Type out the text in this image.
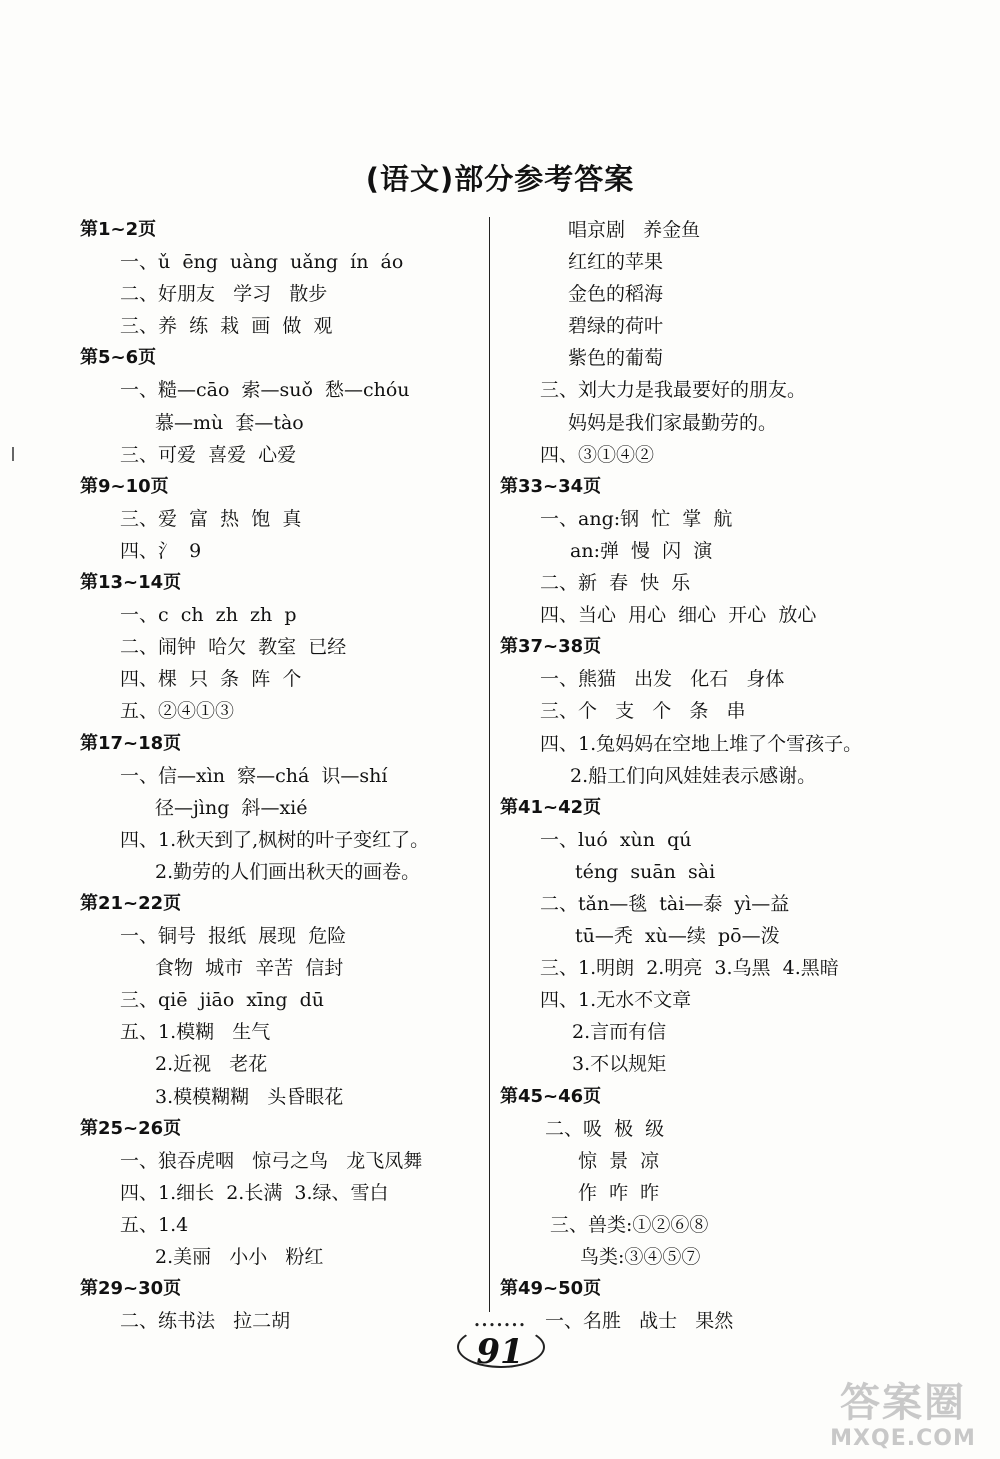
(语文)部分参考答案
第1~2页
一、ǔ  ēng  uàng  uǎng  ín  áo
二、好朋友   学习   散步
三、养  练  栽  画  做  观
第5~6页
一、糙—cāo  索—suǒ  愁—chóu
慕—mù  套—tào
三、可爱  喜爱  心爱
第9~10页
三、爱  富  热  饱  真
四、氵  9
第13~14页
一、c  ch  zh  zh  p
二、闹钟  哈欠  教室  已经
四、棵  只  条  阵  个
五、②④①③
第17~18页
一、信—xìn  察—chá  识—shí
径—jìng  斜—xié
四、1.秋天到了,枫树的叶子变红了。
2.勤劳的人们画出秋天的画卷。
第21~22页
一、铜号  报纸  展现  危险
食物  城市  辛苦  信封
三、qiē  jiāo  xīng  dū
五、1.模糊   生气
2.近视   老花
3.模模糊糊   头昏眼花
第25~26页
一、狼吞虎咽   惊弓之鸟   龙飞凤舞
四、1.细长  2.长满  3.绿、雪白
五、1.4
2.美丽   小小   粉红
第29~30页
二、练书法   拉二胡
唱京剧   养金鱼
红红的苹果
金色的稻海
碧绿的荷叶
紫色的葡萄
三、刘大力是我最要好的朋友。
妈妈是我们家最勤劳的。
四、③①④②
第33~34页
一、ang:钢  忙  掌  航
an:弹  慢  闪  演
二、新  春  快  乐
四、当心  用心  细心  开心  放心
第37~38页
一、熊猫   出发   化石   身体
三、个   支   个   条   串
四、1.兔妈妈在空地上堆了个雪孩子。
2.船工们向风娃娃表示感谢。
第41~42页
一、luó  xùn  qú
téng  suān  sài
二、tǎn—毯  tài—泰  yì—益
tū—秃  xù—续  pō—泼
三、1.明朗  2.明亮  3.乌黑  4.黑暗
四、1.无水不文章
2.言而有信
3.不以规矩
第45~46页
二、吸  极  级
惊  景  凉
作  咋  昨
三、兽类:①②⑥⑧
鸟类:③④⑤⑦
第49~50页
一、名胜   战士   果然
•••••••
91
答案圈
MXQE.COM
